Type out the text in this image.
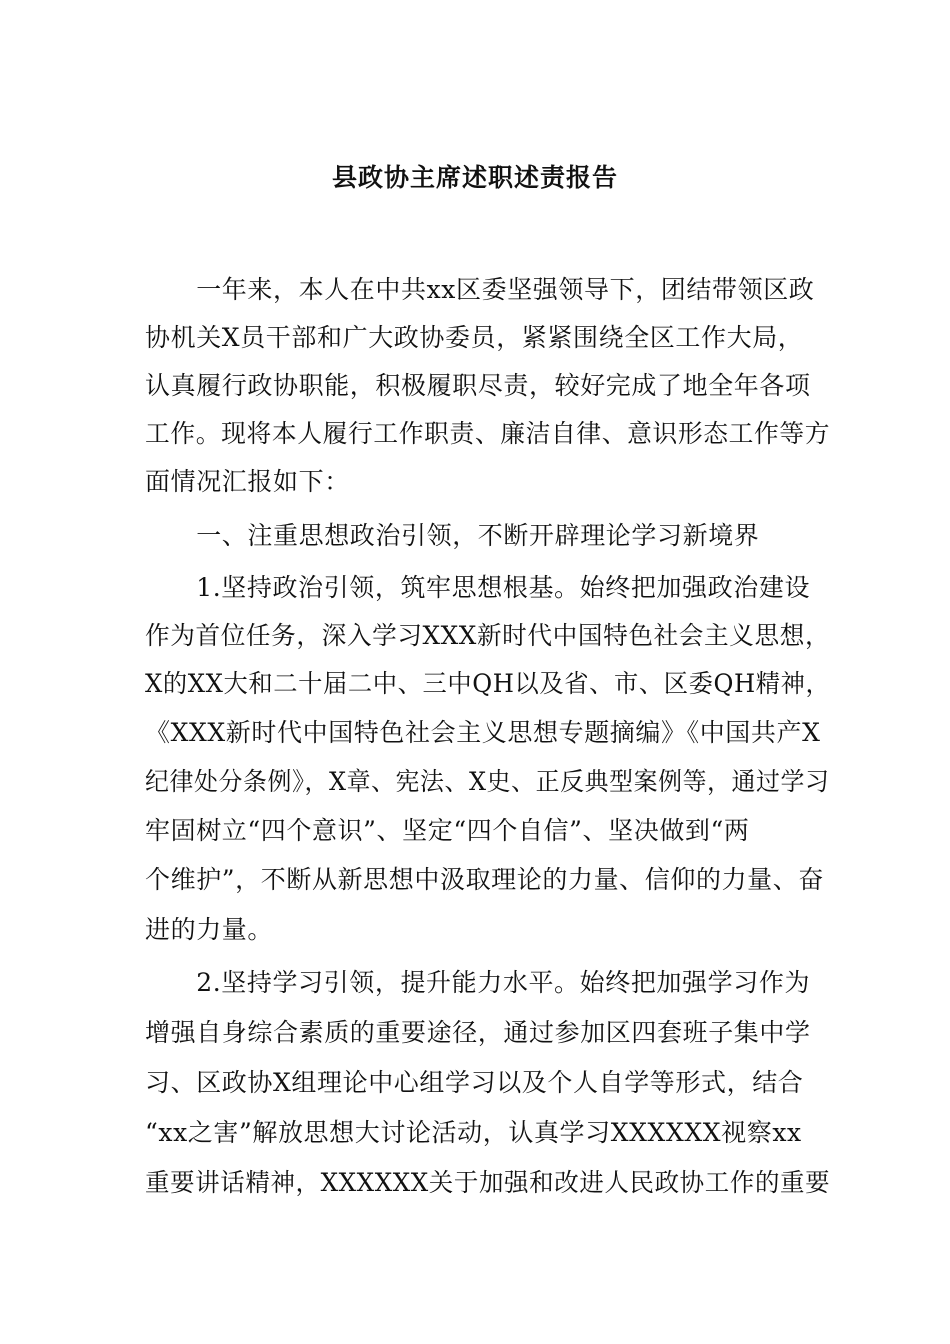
县政协主席述职述责报告
　　一年来，本人在中共xx区委坚强领导下，团结带领区政
协机关X员干部和广大政协委员，紧紧围绕全区工作大局，
认真履行政协职能，积极履职尽责，较好完成了地全年各项
工作。现将本人履行工作职责、廉洁自律、意识形态工作等方
面情况汇报如下：
　　一、注重思想政治引领，不断开辟理论学习新境界
　　1.坚持政治引领，筑牢思想根基。始终把加强政治建设
作为首位任务，深入学习XXX新时代中国特色社会主义思想，
X的XX大和二十届二中、三中QH以及省、市、区委QH精神，
《XXX新时代中国特色社会主义思想专题摘编》《中国共产X
纪律处分条例》，X章、宪法、X史、正反典型案例等，通过学习
牢固树立“四个意识”、坚定“四个自信”、坚决做到“两
个维护”，不断从新思想中汲取理论的力量、信仰的力量、奋
进的力量。
　　2.坚持学习引领，提升能力水平。始终把加强学习作为
增强自身综合素质的重要途径，通过参加区四套班子集中学
习、区政协X组理论中心组学习以及个人自学等形式，结合
“xx之害”解放思想大讨论活动，认真学习XXXXXX视察xx
重要讲话精神，XXXXXX关于加强和改进人民政协工作的重要
